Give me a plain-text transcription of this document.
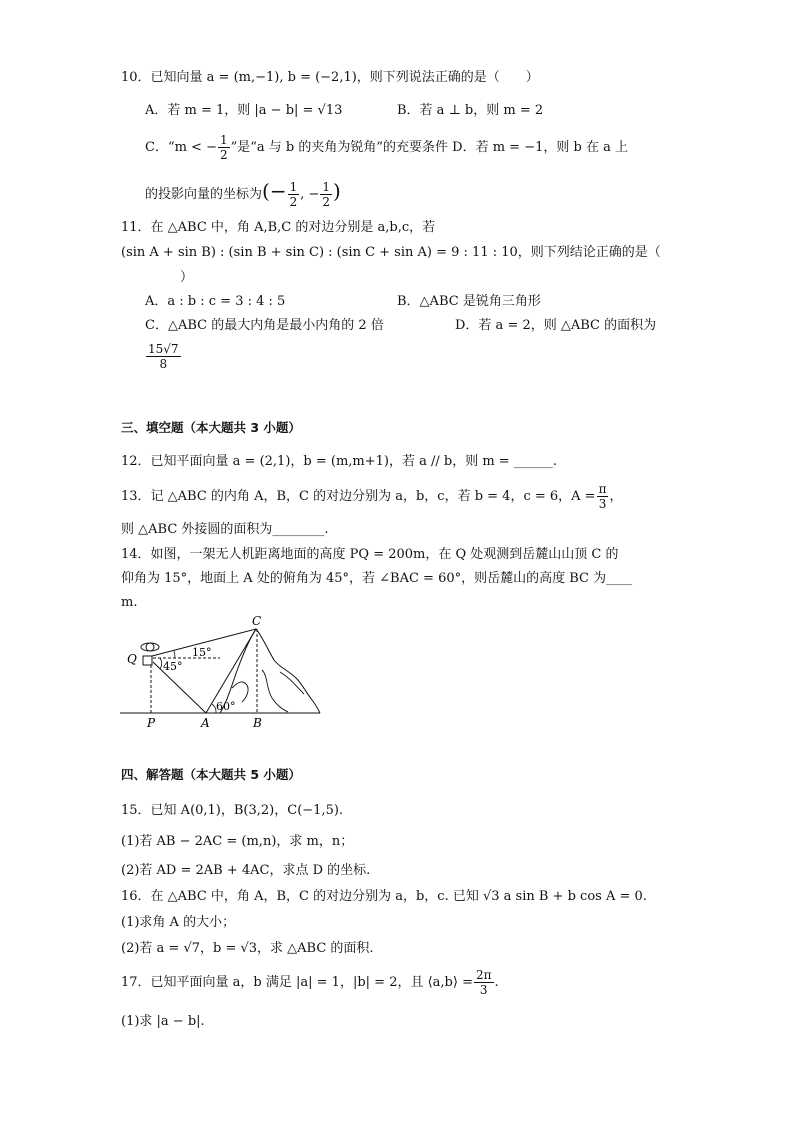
10．已知向量 a = (m,−1), b = (−2,1)，则下列说法正确的是（　　）
A．若 m = 1，则 |a − b| = √13	B．若 a ⊥ b，则 m = 2
C．“m < − $\frac{1}{2}$ ”是“a 与 b 的夹角为锐角”的充要条件 D．若 m = −1，则 b 在 a 上
的投影向量的坐标为(− $\frac{1}{2}$ , − $\frac{1}{2}$ )
11．在 △ABC 中，角 A,B,C 的对边分别是 a,b,c，若
(sin A + sin B) : (sin B + sin C) : (sin C + sin A) = 9 : 11 : 10，则下列结论正确的是（
）
A．a : b : c = 3 : 4 : 5	B．△ABC 是锐角三角形
C．△ABC 的最大内角是最小内角的 2 倍	D．若 a = 2，则 △ABC 的面积为
$\frac{15√7}{8}$
三、填空题（本大题共 3 小题）
12．已知平面向量 a = (2,1)，b = (m,m+1)，若 a // b，则 m = ______.
13．记 △ABC 的内角 A，B，C 的对边分别为 a，b，c，若 b = 4，c = 6，$A = \frac{\pi}{3}$ ，
则 △ABC 外接圆的面积为________.
14．如图，一架无人机距离地面的高度 PQ = 200m，在 Q 处观测到岳麓山山顶 C 的
仰角为 15°，地面上 A 处的俯角为 45°，若 ∠BAC = 60°，则岳麓山的高度 BC 为____
m.
Q
C
P	A	B
15°
45°
60°
四、解答题（本大题共 5 小题）
15．已知 A(0,1)，B(3,2)，C(−1,5).
(1)若 AB − 2AC = (m,n)，求 m，n；
(2)若 AD = 2AB + 4AC，求点 D 的坐标.
16．在 △ABC 中，角 A，B，C 的对边分别为 a，b，c. 已知 √3 a sin B + b cos A = 0.
(1)求角 A 的大小；
(2)若 a = √7，b = √3，求 △ABC 的面积.
17．已知平面向量 a，b 满足 |a| = 1，|b| = 2，且 ⟨a,b⟩ = $\frac{2\pi}{3}$ .
(1)求 |a − b|.
